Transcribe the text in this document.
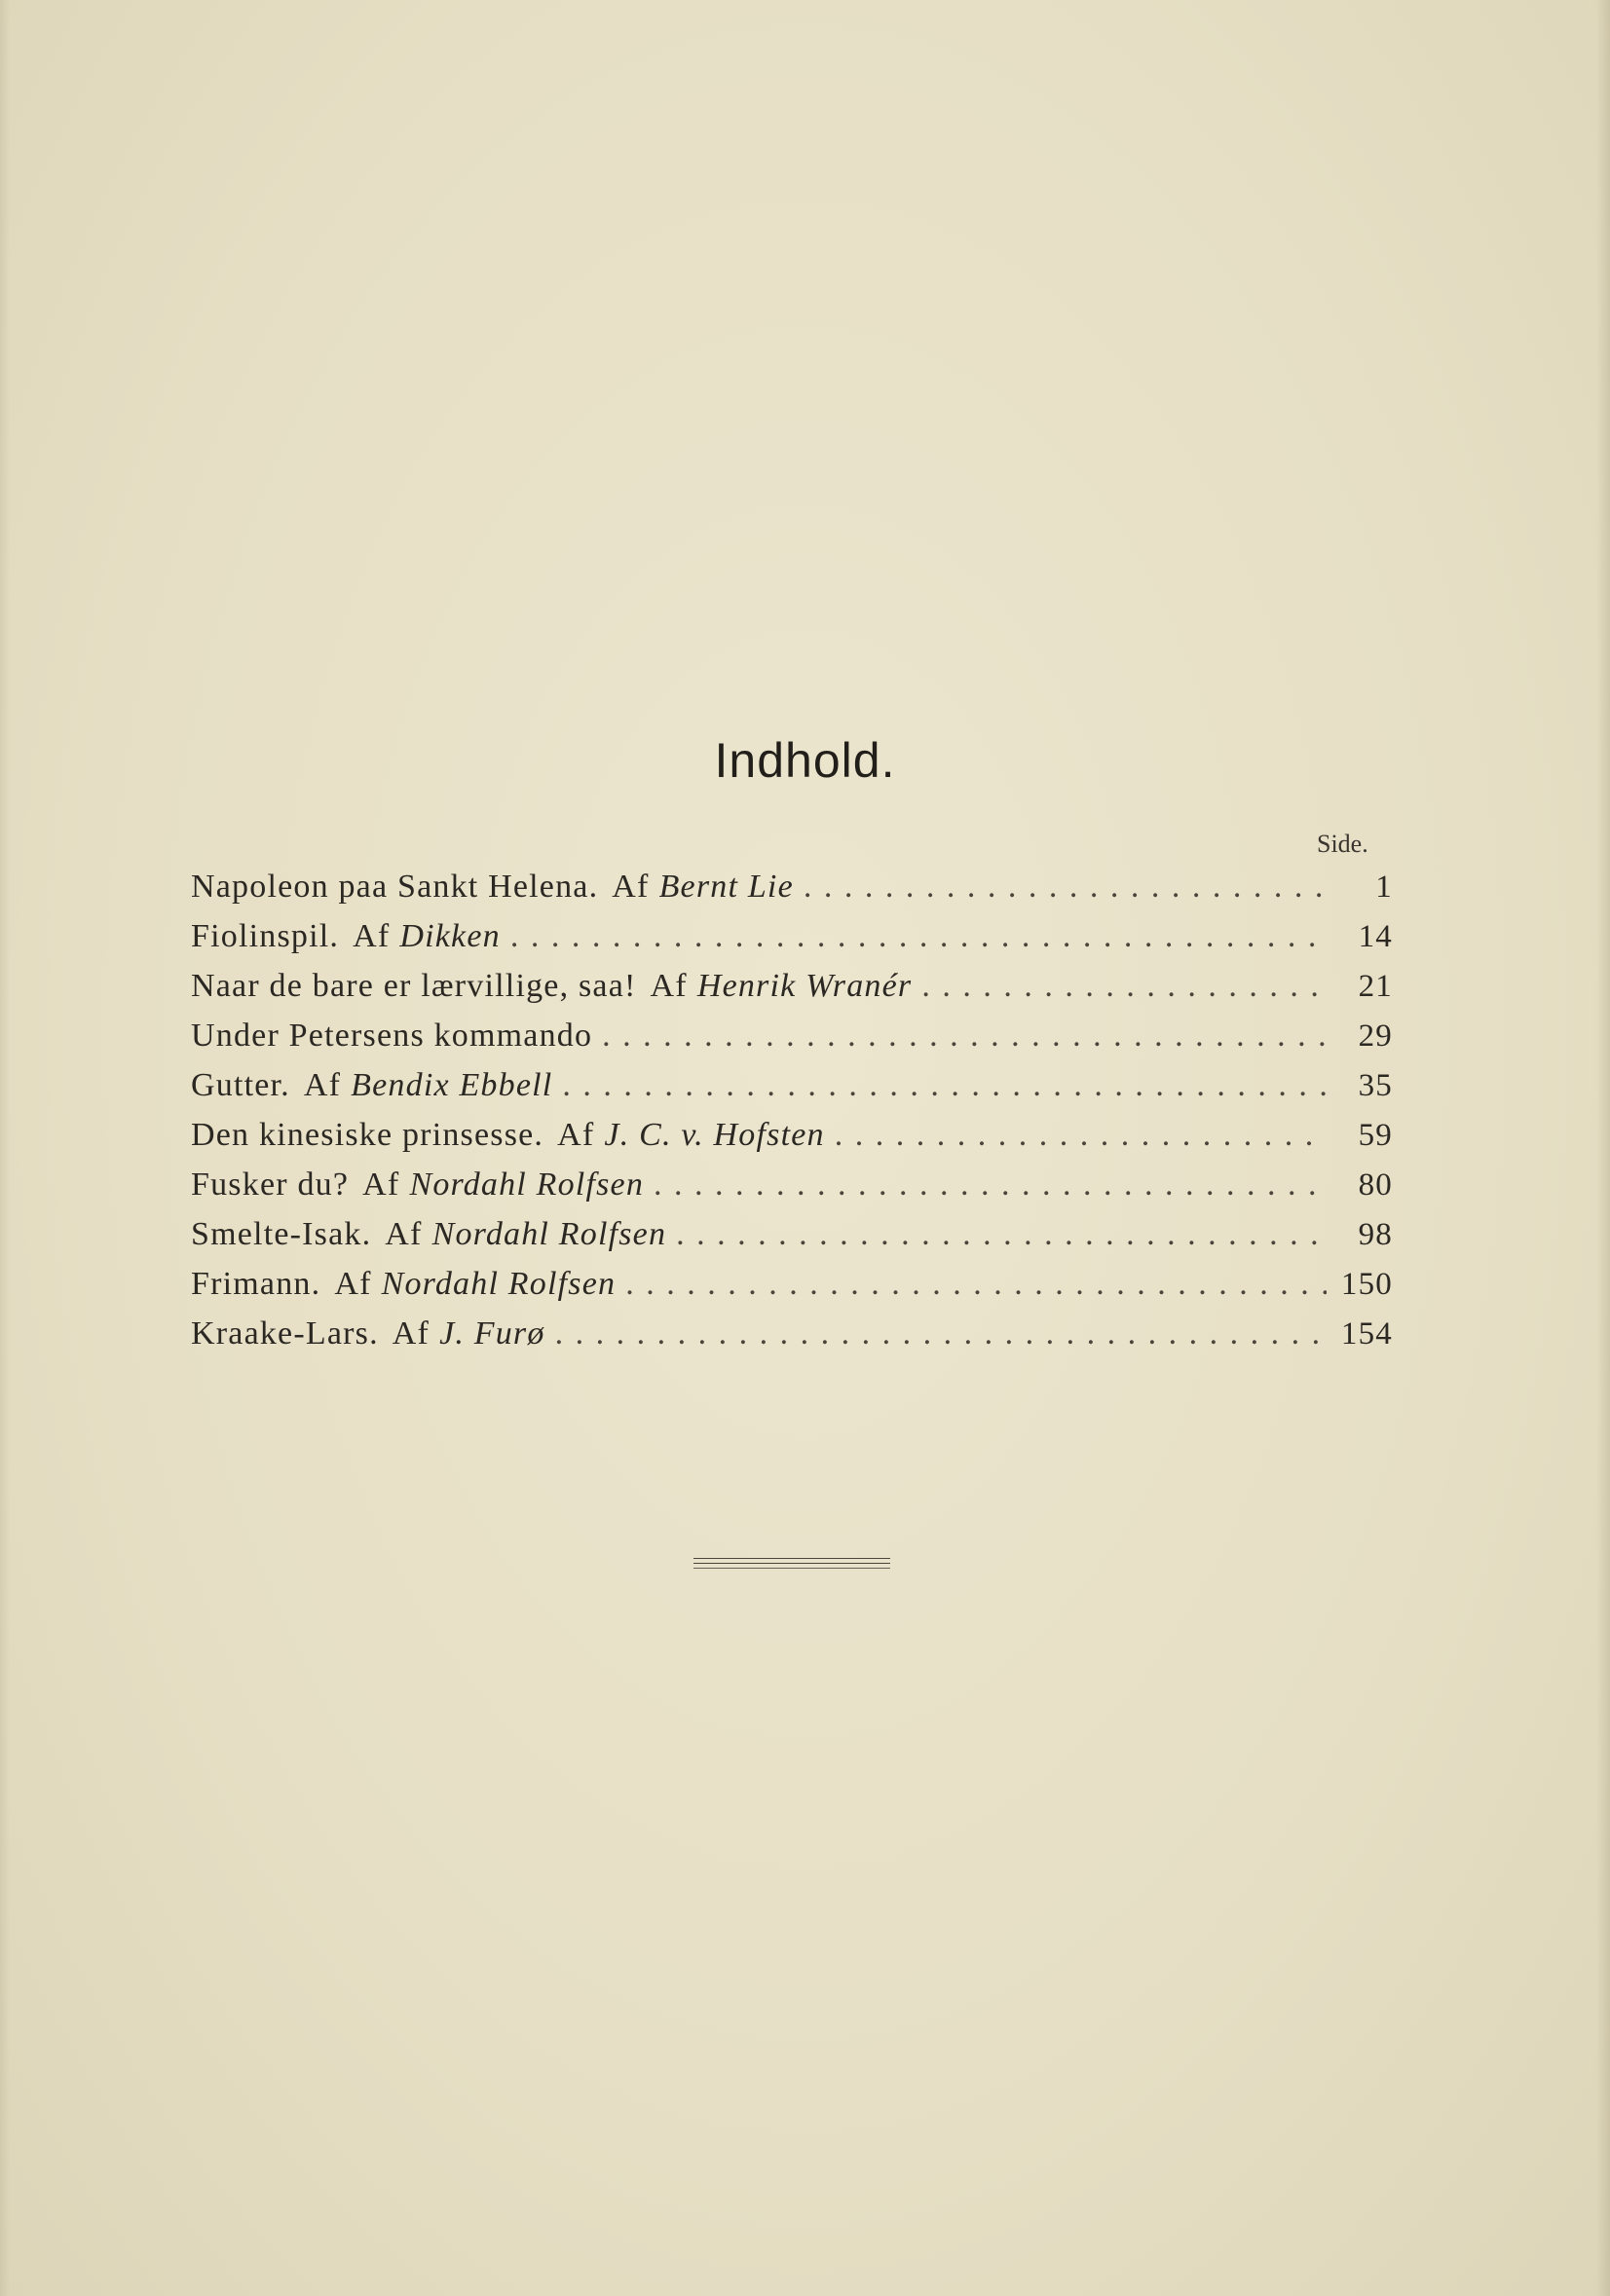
Indhold.
Side.
Napoleon paa Sankt Helena. Af Bernt Lie . . .	1
Fiolinspil. Af Dikken . . .	14
Naar de bare er lærvillige, saa! Af Henrik Wranér . . .	21
Under Petersens kommando . . .	29
Gutter. Af Bendix Ebbell . . .	35
Den kinesiske prinsesse. Af J. C. v. Hofsten . . .	59
Fusker du? Af Nordahl Rolfsen . . .	80
Smelte-Isak. Af Nordahl Rolfsen . . .	98
Frimann. Af Nordahl Rolfsen . . .	150
Kraake-Lars. Af J. Furø . . .	154
